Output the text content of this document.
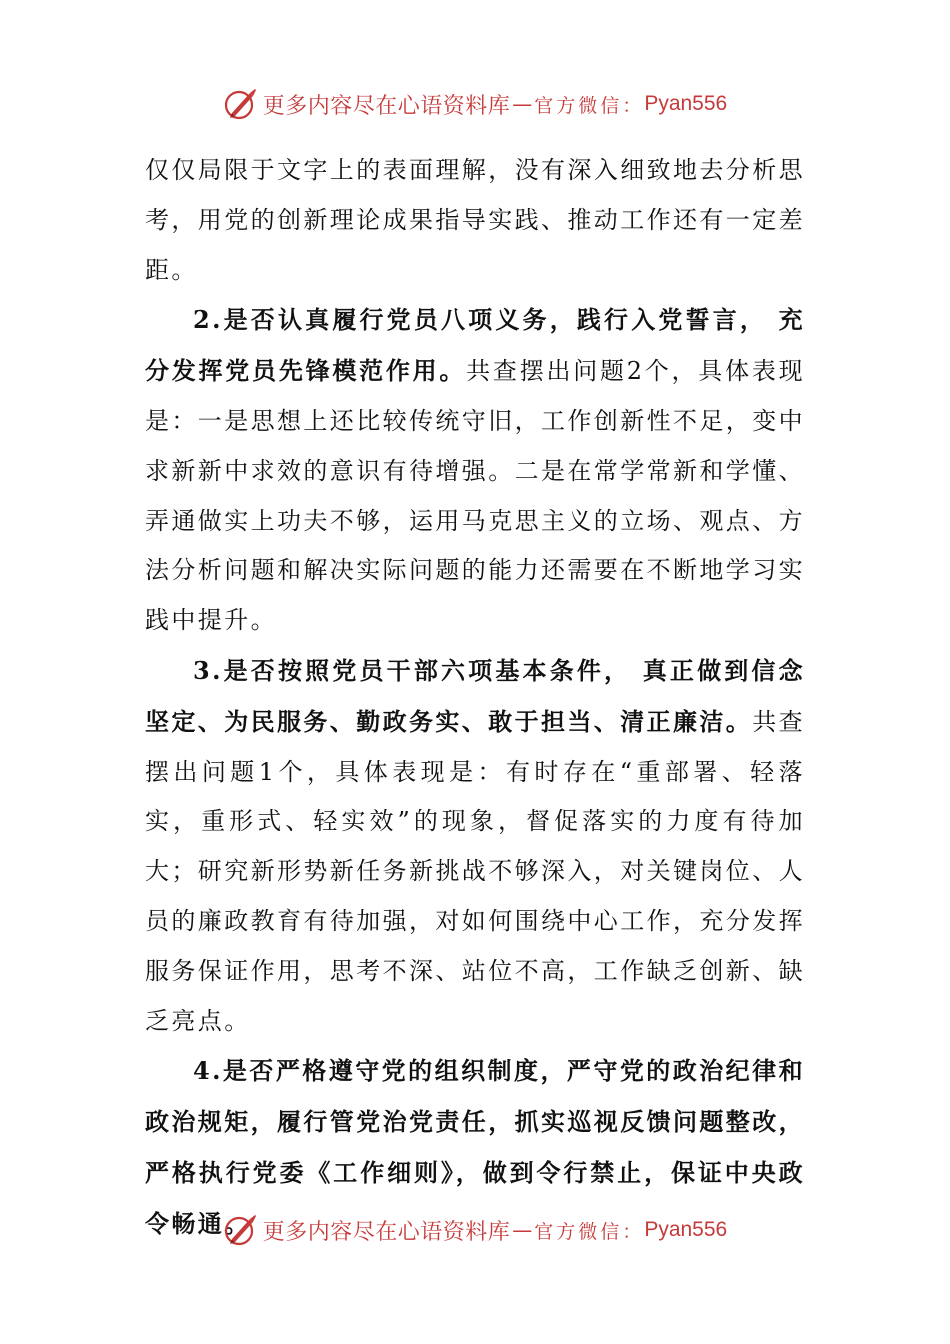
更多内容尽在心语资料库 — 官方微信： Pyan556

仅仅局限于文字上的表面理解，没有深入细致地去分析思考，用党的创新理论成果指导实践、推动工作还有一定差距。

2.是否认真履行党员八项义务，践行入党誓言， 充分发挥党员先锋模范作用。共查摆出问题2个，具体表现是：一是思想上还比较传统守旧，工作创新性不足，变中求新新中求效的意识有待增强。二是在常学常新和学懂、弄通做实上功夫不够，运用马克思主义的立场、观点、方法分析问题和解决实际问题的能力还需要在不断地学习实践中提升。

3.是否按照党员干部六项基本条件， 真正做到信念坚定、为民服务、勤政务实、敢于担当、清正廉洁。共查摆出问题1个，具体表现是：有时存在“重部署、轻落实，重形式、轻实效”的现象，督促落实的力度有待加大；研究新形势新任务新挑战不够深入，对关键岗位、人员的廉政教育有待加强，对如何围绕中心工作，充分发挥服务保证作用，思考不深、站位不高，工作缺乏创新、缺乏亮点。

4.是否严格遵守党的组织制度，严守党的政治纪律和政治规矩，履行管党治党责任，抓实巡视反馈问题整改，严格执行党委《工作细则》，做到令行禁止，保证中央政令畅通。 更多内容尽在心语资料库 — 官方微信： Pyan556
